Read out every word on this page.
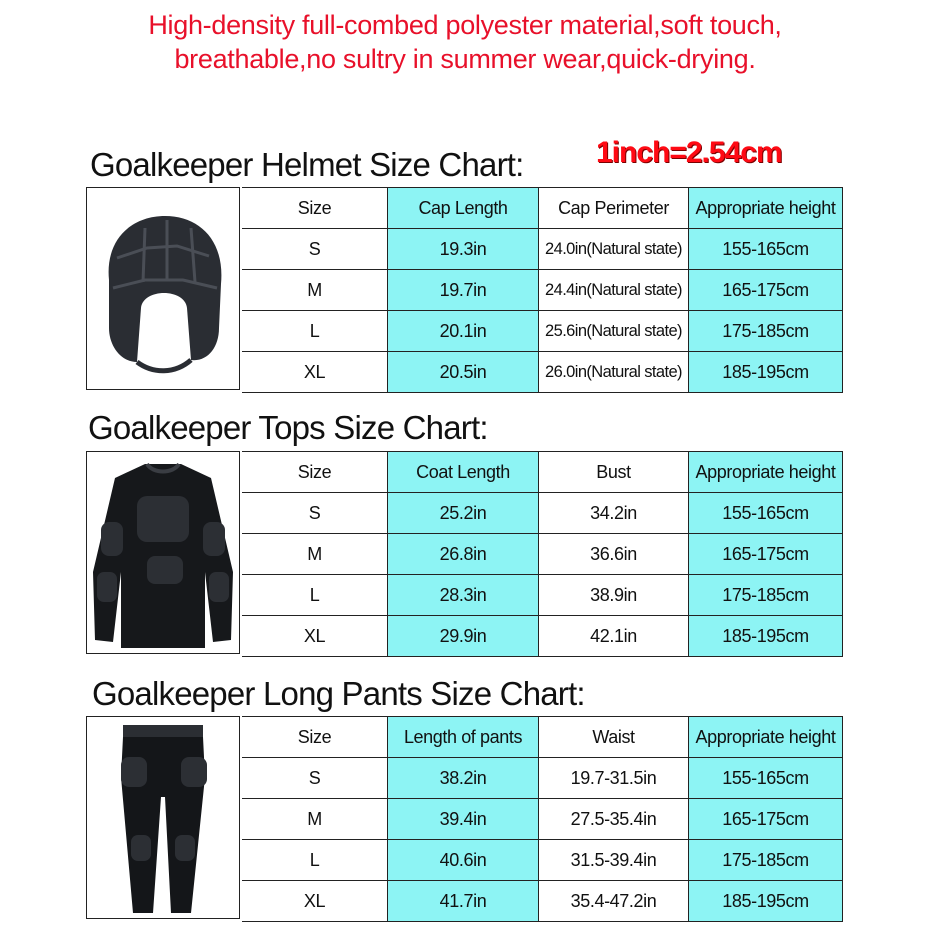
High-density full-combed polyester material,soft touch,
breathable,no sultry in summer wear,quick-drying.
1inch=2.54cm
Goalkeeper Helmet Size Chart:
Size	Cap Length	Cap Perimeter	Appropriate height
S	19.3in	24.0in(Natural state)	155-165cm
M	19.7in	24.4in(Natural state)	165-175cm
L	20.1in	25.6in(Natural state)	175-185cm
XL	20.5in	26.0in(Natural state)	185-195cm
Goalkeeper Tops Size Chart:
Size	Coat Length	Bust	Appropriate height
S	25.2in	34.2in	155-165cm
M	26.8in	36.6in	165-175cm
L	28.3in	38.9in	175-185cm
XL	29.9in	42.1in	185-195cm
Goalkeeper Long Pants Size Chart:
Size	Length of pants	Waist	Appropriate height
S	38.2in	19.7-31.5in	155-165cm
M	39.4in	27.5-35.4in	165-175cm
L	40.6in	31.5-39.4in	175-185cm
XL	41.7in	35.4-47.2in	185-195cm
